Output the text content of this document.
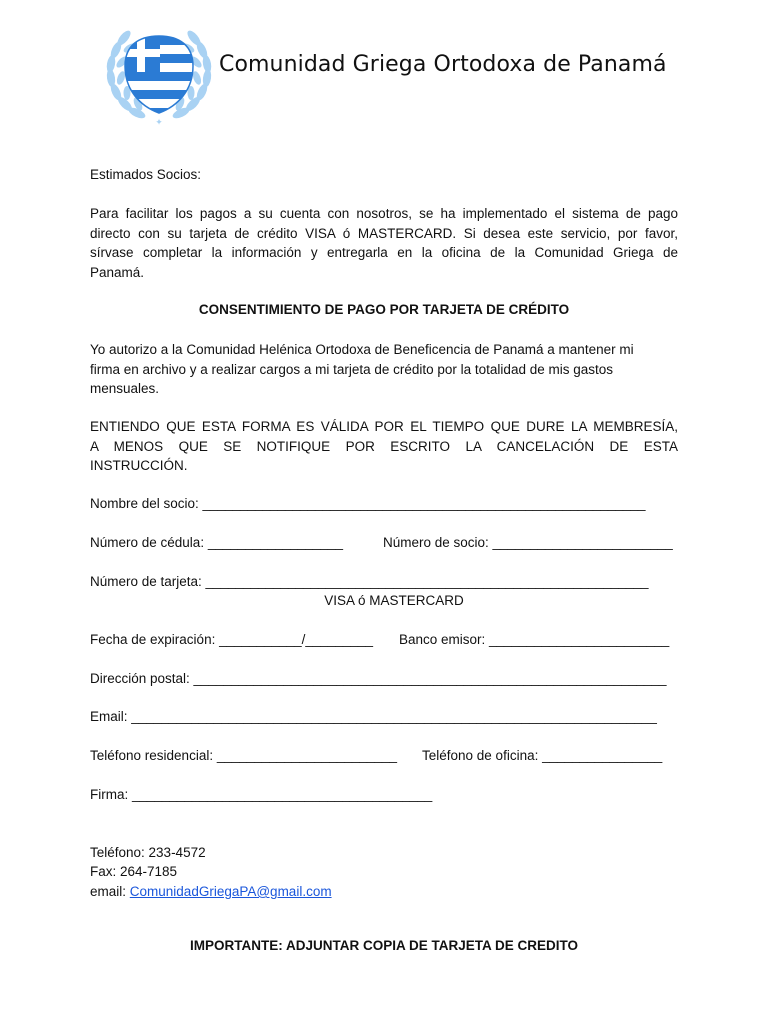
✦
Comunidad Griega Ortodoxa de Panamá
Estimados Socios:
Para facilitar los pagos a su cuenta con nosotros, se ha implementado el sistema de pago
directo con su tarjeta de crédito VISA ó MASTERCARD. Si desea este servicio, por favor,
sírvase completar la información y entregarla en la oficina de la Comunidad Griega de
Panamá.
CONSENTIMIENTO DE PAGO POR TARJETA DE CRÉDITO
Yo autorizo a la Comunidad Helénica Ortodoxa de Beneficencia de Panamá a mantener mi
firma en archivo y a realizar cargos a mi tarjeta de crédito por la totalidad de mis gastos
mensuales.
ENTIENDO QUE ESTA FORMA ES VÁLIDA POR EL TIEMPO QUE DURE LA MEMBRESÍA,
A MENOS QUE SE NOTIFIQUE POR ESCRITO LA CANCELACIÓN DE ESTA
INSTRUCCIÓN.
Nombre del socio: ___________________________________________________________
Número de cédula: __________________	Número de socio: ________________________
Número de tarjeta: ___________________________________________________________
VISA ó MASTERCARD
Fecha de expiración: ___________/_________ Banco emisor: ________________________
Dirección postal: _______________________________________________________________
Email: ______________________________________________________________________
Teléfono residencial: ________________________ Teléfono de oficina: ________________
Firma: ________________________________________
Teléfono: 233-4572
Fax: 264-7185
email: ComunidadGriegaPA@gmail.com
IMPORTANTE: ADJUNTAR COPIA DE TARJETA DE CREDITO
